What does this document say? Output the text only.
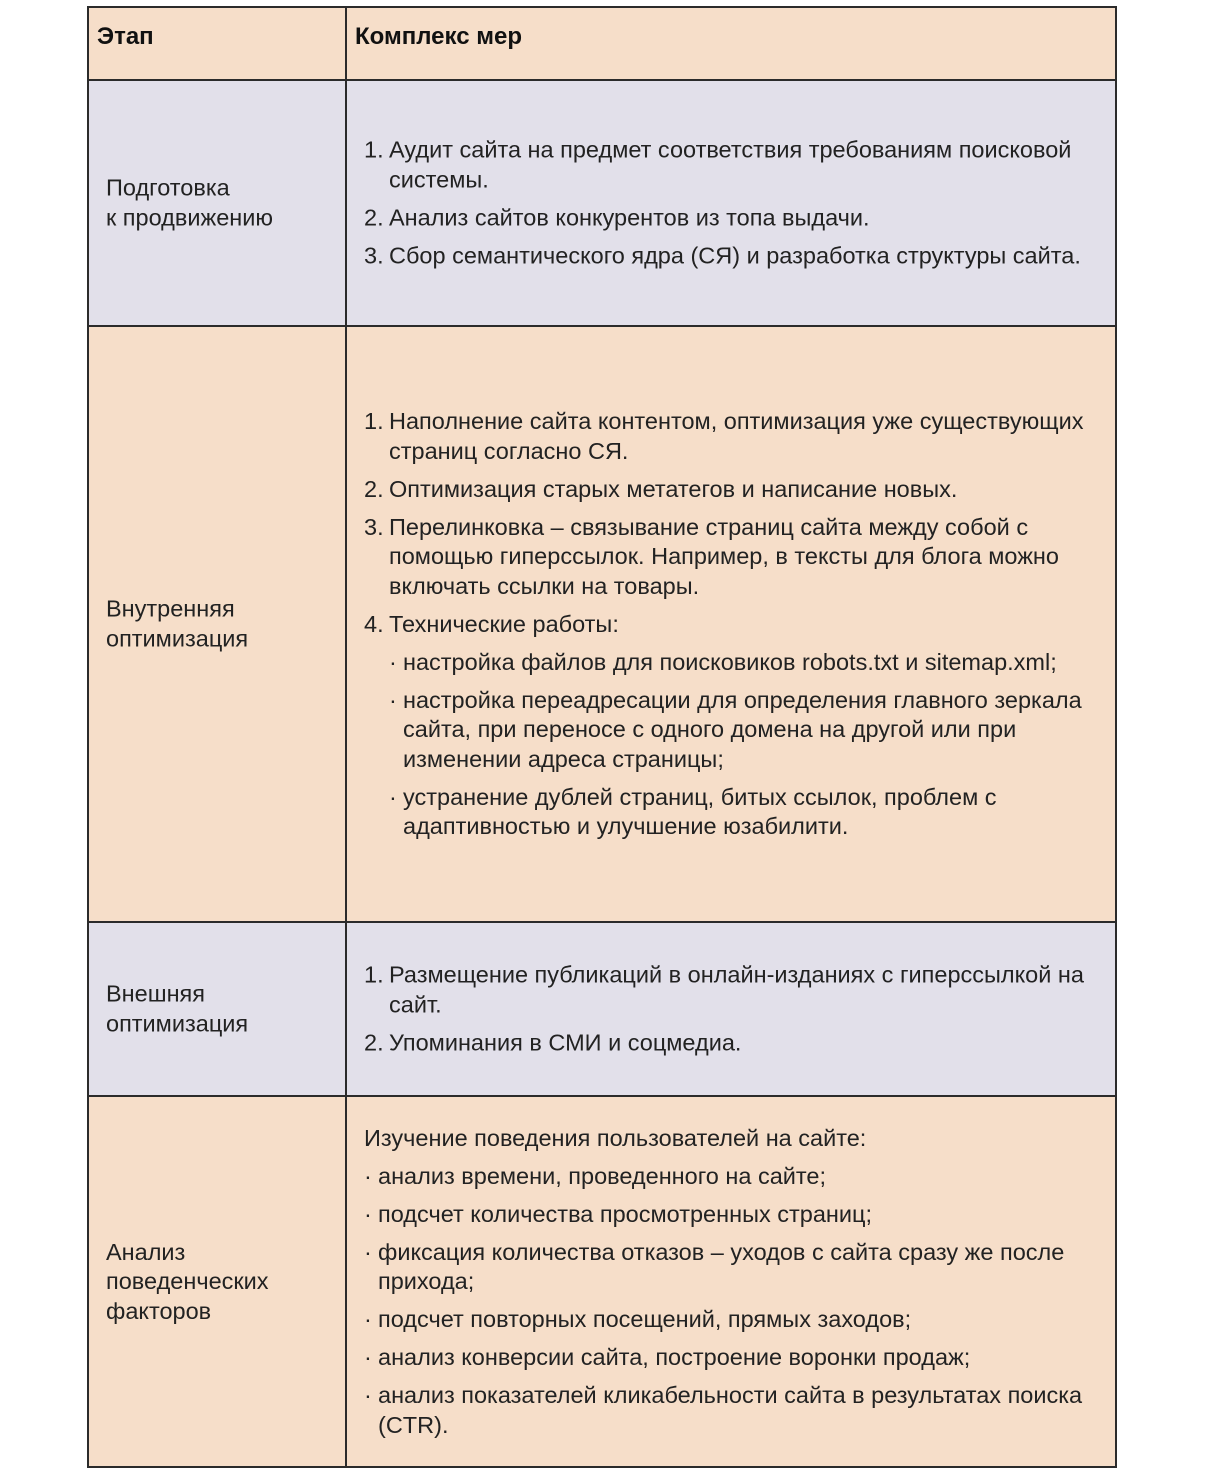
Этап	Комплекс мер
Подготовка
к продвижению
1. Аудит сайта на предмет соответствия требованиям поисковой системы.
2. Анализ сайтов конкурентов из топа выдачи.
3. Сбор семантического ядра (СЯ) и разработка структуры сайта.
Внутренняя
оптимизация
1. Наполнение сайта контентом, оптимизация уже существующих страниц согласно СЯ.
2. Оптимизация старых метатегов и написание новых.
3. Перелинковка – связывание страниц сайта между собой с помощью гиперссылок. Например, в тексты для блога можно включать ссылки на товары.
4. Технические работы:
· настройка файлов для поисковиков robots.txt и sitemap.xml;
· настройка переадресации для определения главного зеркала сайта, при переносе с одного домена на другой или при изменении адреса страницы;
· устранение дублей страниц, битых ссылок, проблем с адаптивностью и улучшение юзабилити.
Внешняя
оптимизация
1. Размещение публикаций в онлайн-изданиях с гиперссылкой на сайт.
2. Упоминания в СМИ и соцмедиа.
Анализ
поведенческих
факторов
Изучение поведения пользователей на сайте:
· анализ времени, проведенного на сайте;
· подсчет количества просмотренных страниц;
· фиксация количества отказов – уходов с сайта сразу же после прихода;
· подсчет повторных посещений, прямых заходов;
· анализ конверсии сайта, построение воронки продаж;
· анализ показателей кликабельности сайта в результатах поиска (CTR).
